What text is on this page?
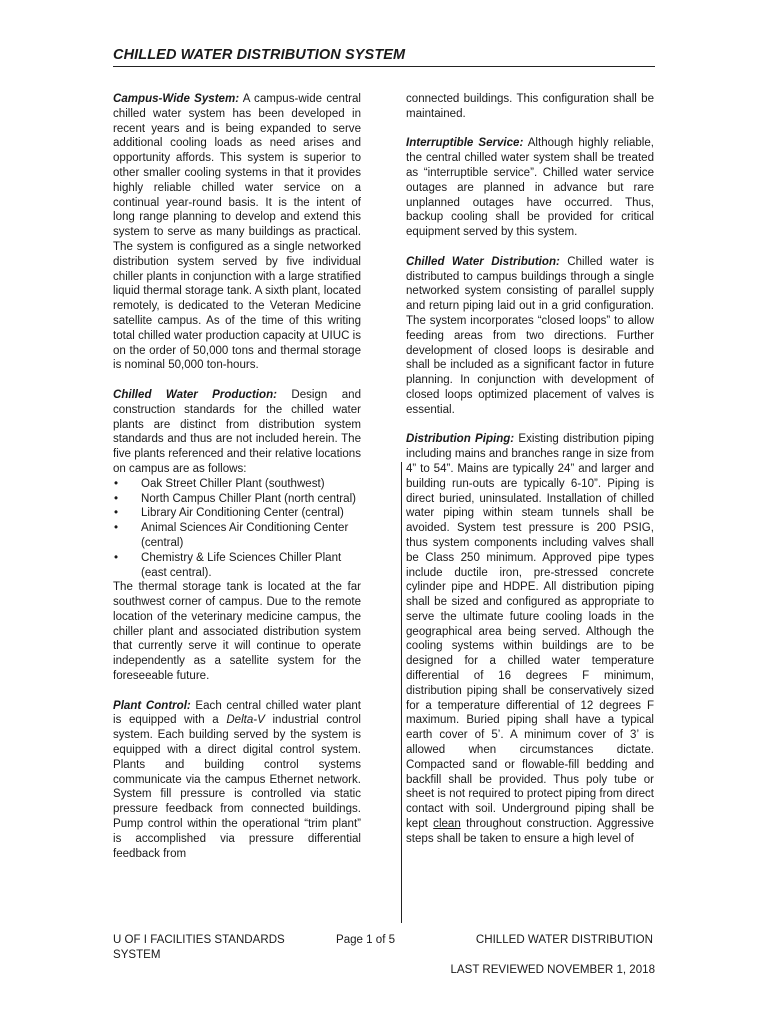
CHILLED WATER DISTRIBUTION SYSTEM

Campus-Wide System: A campus-wide central chilled water system has been developed in recent years and is being expanded to serve additional cooling loads as need arises and opportunity affords. This system is superior to other smaller cooling systems in that it provides highly reliable chilled water service on a continual year-round basis. It is the intent of long range planning to develop and extend this system to serve as many buildings as practical. The system is configured as a single networked distribution system served by five individual chiller plants in conjunction with a large stratified liquid thermal storage tank. A sixth plant, located remotely, is dedicated to the Veteran Medicine satellite campus. As of the time of this writing total chilled water production capacity at UIUC is on the order of 50,000 tons and thermal storage is nominal 50,000 ton-hours.

Chilled Water Production: Design and construction standards for the chilled water plants are distinct from distribution system standards and thus are not included herein. The five plants referenced and their relative locations on campus are as follows:

• Oak Street Chiller Plant (southwest)
• North Campus Chiller Plant (north central)
• Library Air Conditioning Center (central)
• Animal Sciences Air Conditioning Center (central)
• Chemistry & Life Sciences Chiller Plant (east central).

The thermal storage tank is located at the far southwest corner of campus. Due to the remote location of the veterinary medicine campus, the chiller plant and associated distribution system that currently serve it will continue to operate independently as a satellite system for the foreseeable future.

Plant Control: Each central chilled water plant is equipped with a Delta-V industrial control system. Each building served by the system is equipped with a direct digital control system. Plants and building control systems communicate via the campus Ethernet network. System fill pressure is controlled via static pressure feedback from connected buildings. Pump control within the operational “trim plant” is accomplished via pressure differential feedback from

connected buildings. This configuration shall be maintained.

Interruptible Service: Although highly reliable, the central chilled water system shall be treated as “interruptible service”. Chilled water service outages are planned in advance but rare unplanned outages have occurred. Thus, backup cooling shall be provided for critical equipment served by this system.

Chilled Water Distribution: Chilled water is distributed to campus buildings through a single networked system consisting of parallel supply and return piping laid out in a grid configuration. The system incorporates “closed loops” to allow feeding areas from two directions. Further development of closed loops is desirable and shall be included as a significant factor in future planning. In conjunction with development of closed loops optimized placement of valves is essential.

Distribution Piping: Existing distribution piping including mains and branches range in size from 4” to 54”. Mains are typically 24” and larger and building run-outs are typically 6-10”. Piping is direct buried, uninsulated. Installation of chilled water piping within steam tunnels shall be avoided. System test pressure is 200 PSIG, thus system components including valves shall be Class 250 minimum. Approved pipe types include ductile iron, pre-stressed concrete cylinder pipe and HDPE. All distribution piping shall be sized and configured as appropriate to serve the ultimate future cooling loads in the geographical area being served. Although the cooling systems within buildings are to be designed for a chilled water temperature differential of 16 degrees F minimum, distribution piping shall be conservatively sized for a temperature differential of 12 degrees F maximum. Buried piping shall have a typical earth cover of 5’. A minimum cover of 3’ is allowed when circumstances dictate. Compacted sand or flowable-fill bedding and backfill shall be provided. Thus poly tube or sheet is not required to protect piping from direct contact with soil. Underground piping shall be kept clean throughout construction. Aggressive steps shall be taken to ensure a high level of

U OF I FACILITIES STANDARDS SYSTEM
Page 1 of 5	CHILLED WATER DISTRIBUTION
LAST REVIEWED NOVEMBER 1, 2018
